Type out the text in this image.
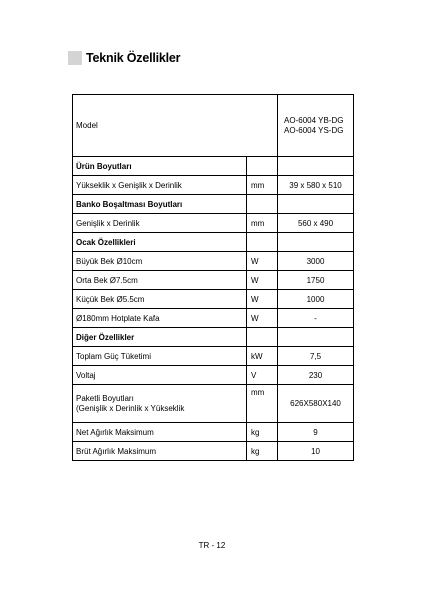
Teknik Özellikler
Model		AO-6004 YB-DG
AO-6004 YS-DG

Ürün Boyutları		
Yükseklik x Genişlik x Derinlik	mm	39 x 580 x 510
Banko Boşaltması Boyutları		
Genişlik x Derinlik	mm	560 x 490
Ocak Özellikleri		
Büyük Bek Ø10cm	W	3000
Orta Bek Ø7.5cm	W	1750
Küçük Bek Ø5.5cm	W	1000
Ø180mm Hotplate Kafa	W	-
Diğer Özellikler		
Toplam Güç Tüketimi	kW	7,5
Voltaj	V	230

Paketli Boyutları
(Genişlik x Derinlik x Yükseklik	mm	626X580X140
Net Ağırlık Maksimum	kg	9
Brüt Ağırlık Maksimum	kg	10
TR - 12
